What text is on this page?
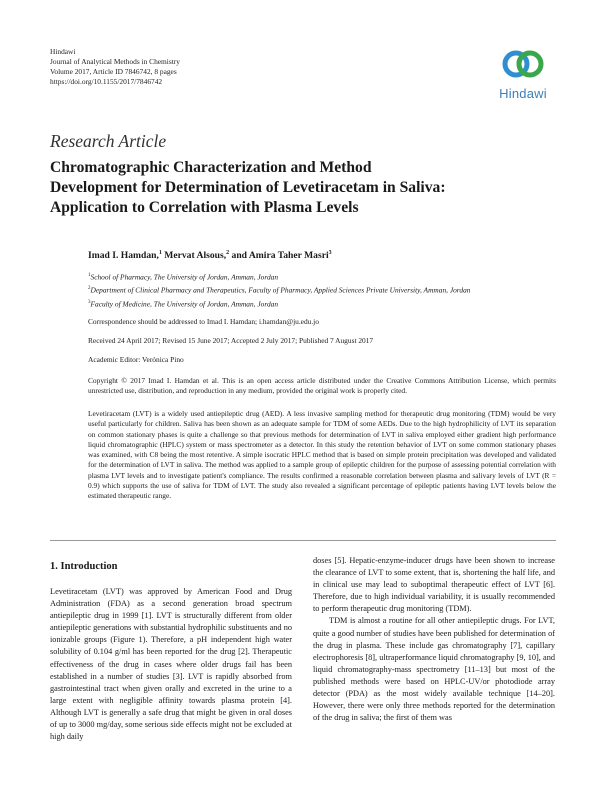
Hindawi
Journal of Analytical Methods in Chemistry
Volume 2017, Article ID 7846742, 8 pages
https://doi.org/10.1155/2017/7846742
Hindawi
Research Article
Chromatographic Characterization and Method
Development for Determination of Levetiracetam in Saliva:
Application to Correlation with Plasma Levels
Imad I. Hamdan,$^1$ Mervat Alsous,$^2$ and Amira Taher Masri$^3$
$^1$School of Pharmacy, The University of Jordan, Amman, Jordan
$^2$Department of Clinical Pharmacy and Therapeutics, Faculty of Pharmacy, Applied Sciences Private University, Amman, Jordan
$^3$Faculty of Medicine, The University of Jordan, Amman, Jordan
Correspondence should be addressed to Imad I. Hamdan; i.hamdan@ju.edu.jo
Received 24 April 2017; Revised 15 June 2017; Accepted 2 July 2017; Published 7 August 2017
Academic Editor: Verónica Pino
Copyright © 2017 Imad I. Hamdan et al. This is an open access article distributed under the Creative Commons Attribution License, which permits unrestricted use, distribution, and reproduction in any medium, provided the original work is properly cited.
Levetiracetam (LVT) is a widely used antiepileptic drug (AED). A less invasive sampling method for therapeutic drug monitoring (TDM) would be very useful particularly for children. Saliva has been shown as an adequate sample for TDM of some AEDs. Due to the high hydrophilicity of LVT its separation on common stationary phases is quite a challenge so that previous methods for determination of LVT in saliva employed either gradient high performance liquid chromatographic (HPLC) system or mass spectrometer as a detector. In this study the retention behavior of LVT on some common stationary phases was examined, with C8 being the most retentive. A simple isocratic HPLC method that is based on simple protein precipitation was developed and validated for the determination of LVT in saliva. The method was applied to a sample group of epileptic children for the purpose of assessing potential correlation with plasma LVT levels and to investigate patient's compliance. The results confirmed a reasonable correlation between plasma and salivary levels of LVT (R = 0.9) which supports the use of saliva for TDM of LVT. The study also revealed a significant percentage of epileptic patients having LVT levels below the estimated therapeutic range.
1. Introduction

Levetiracetam (LVT) was approved by American Food and Drug Administration (FDA) as a second generation broad spectrum antiepileptic drug in 1999 [1]. LVT is structurally different from older antiepileptic generations with substantial hydrophilic substituents and no ionizable groups (Figure 1). Therefore, a pH independent high water solubility of 0.104 g/ml has been reported for the drug [2]. Therapeutic effectiveness of the drug in cases where older drugs fail has been established in a number of studies [3]. LVT is rapidly absorbed from gastrointestinal tract when given orally and excreted in the urine to a large extent with negligible affinity towards plasma protein [4]. Although LVT is generally a safe drug that might be given in oral doses of up to 3000 mg/day, some serious side effects might not be excluded at high daily

doses [5]. Hepatic-enzyme-inducer drugs have been shown to increase the clearance of LVT to some extent, that is, shortening the half life, and in clinical use may lead to suboptimal therapeutic effect of LVT [6]. Therefore, due to high individual variability, it is usually recommended to perform therapeutic drug monitoring (TDM).

TDM is almost a routine for all other antiepileptic drugs. For LVT, quite a good number of studies have been published for determination of the drug in plasma. These include gas chromatography [7], capillary electrophoresis [8], ultraperformance liquid chromatography [9, 10], and liquid chromatography-mass spectrometry [11–13] but most of the published methods were based on HPLC-UV/or photodiode array detector (PDA) as the most widely available technique [14–20]. However, there were only three methods reported for the determination of the drug in saliva; the first of them was
